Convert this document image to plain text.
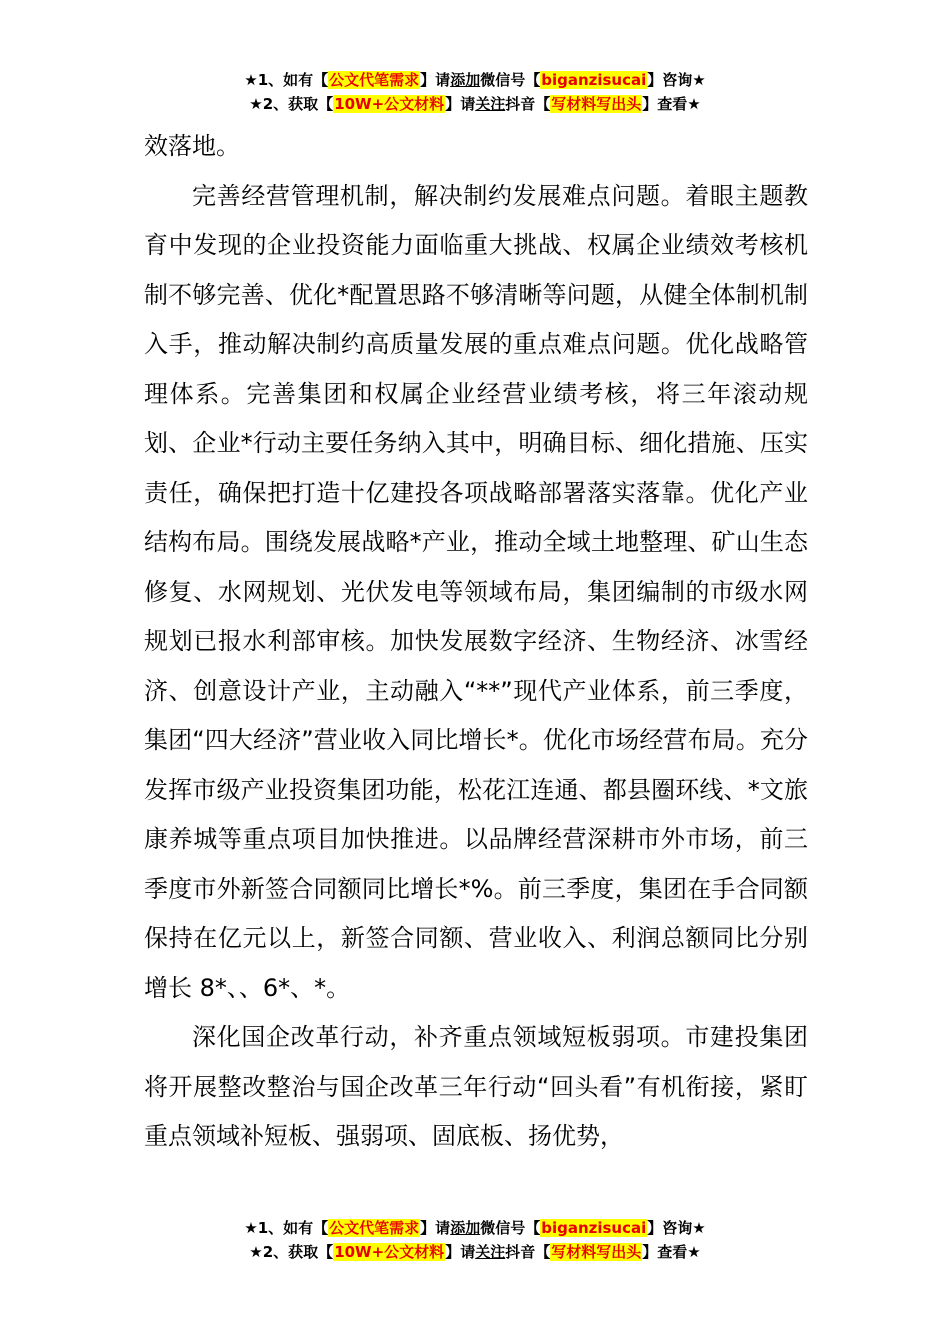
★1、如有【公文代笔需求】请添加微信号【biganzisucai】咨询★
★2、获取【10W+公文材料】请关注抖音【写材料写出头】查看★

效落地。

完善经营管理机制，解决制约发展难点问题。着眼主题教育中发现的企业投资能力面临重大挑战、权属企业绩效考核机制不够完善、优化*配置思路不够清晰等问题，从健全体制机制入手，推动解决制约高质量发展的重点难点问题。优化战略管理体系。完善集团和权属企业经营业绩考核，将三年滚动规划、企业*行动主要任务纳入其中，明确目标、细化措施、压实责任，确保把打造十亿建投各项战略部署落实落靠。优化产业结构布局。围绕发展战略*产业，推动全域土地整理、矿山生态修复、水网规划、光伏发电等领域布局，集团编制的市级水网规划已报水利部审核。加快发展数字经济、生物经济、冰雪经济、创意设计产业，主动融入“**”现代产业体系，前三季度，集团“四大经济”营业收入同比增长*。优化市场经营布局。充分发挥市级产业投资集团功能，松花江连通、都县圈环线、*文旅康养城等重点项目加快推进。以品牌经营深耕市外市场，前三季度市外新签合同额同比增长*%。前三季度，集团在手合同额保持在亿元以上，新签合同额、营业收入、利润总额同比分别增长 8*、、6*、*。

深化国企改革行动，补齐重点领域短板弱项。市建投集团将开展整改整治与国企改革三年行动“回头看”有机衔接，紧盯重点领域补短板、强弱项、固底板、扬优势，

★1、如有【公文代笔需求】请添加微信号【biganzisucai】咨询★
★2、获取【10W+公文材料】请关注抖音【写材料写出头】查看★
